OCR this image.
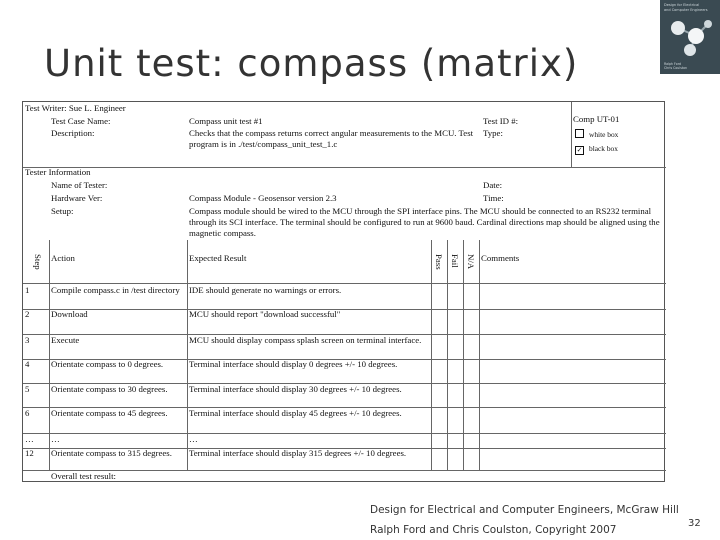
Unit test: compass (matrix)
Design for Electrical
and Computer Engineers
Ralph Ford
Chris Coulston
Test Writer: Sue L. Engineer
Test Case Name:	Compass unit test #1	Test ID #:	Comp UT-01
Description:	Checks that the compass returns correct angular measurements to the MCU. Test program is in ./test/compass_unit_test_1.c
Type:	white box
✓ black box
Tester Information
Name of Tester:	Date:
Hardware Ver:	Compass Module - Geosensor version 2.3	Time:
Setup:	Compass module should be wired to the MCU through the SPI interface pins. The MCU should be connected to an RS232 terminal through its SCI interface. The terminal should be configured to run at 9600 baud. Cardinal directions map should be aligned using the magnetic compass.
Step Action	Expected Result	Pass Fail N/A Comments
1 Compile compass.c in /test directory	IDE should generate no warnings or errors.
2 Download	MCU should report "download successful"
3 Execute	MCU should display compass splash screen on terminal interface.
4 Orientate compass to 0 degrees.	Terminal interface should display 0 degrees +/- 10 degrees.
5 Orientate compass to 30 degrees.	Terminal interface should display 30 degrees +/- 10 degrees.
6 Orientate compass to 45 degrees.	Terminal interface should display 45 degrees +/- 10 degrees.
… …	…
12 Orientate compass to 315 degrees.	Terminal interface should display 315 degrees +/- 10 degrees.
Overall test result:
Design for Electrical and Computer Engineers, McGraw Hill
Ralph Ford and Chris Coulston, Copyright 2007
32
